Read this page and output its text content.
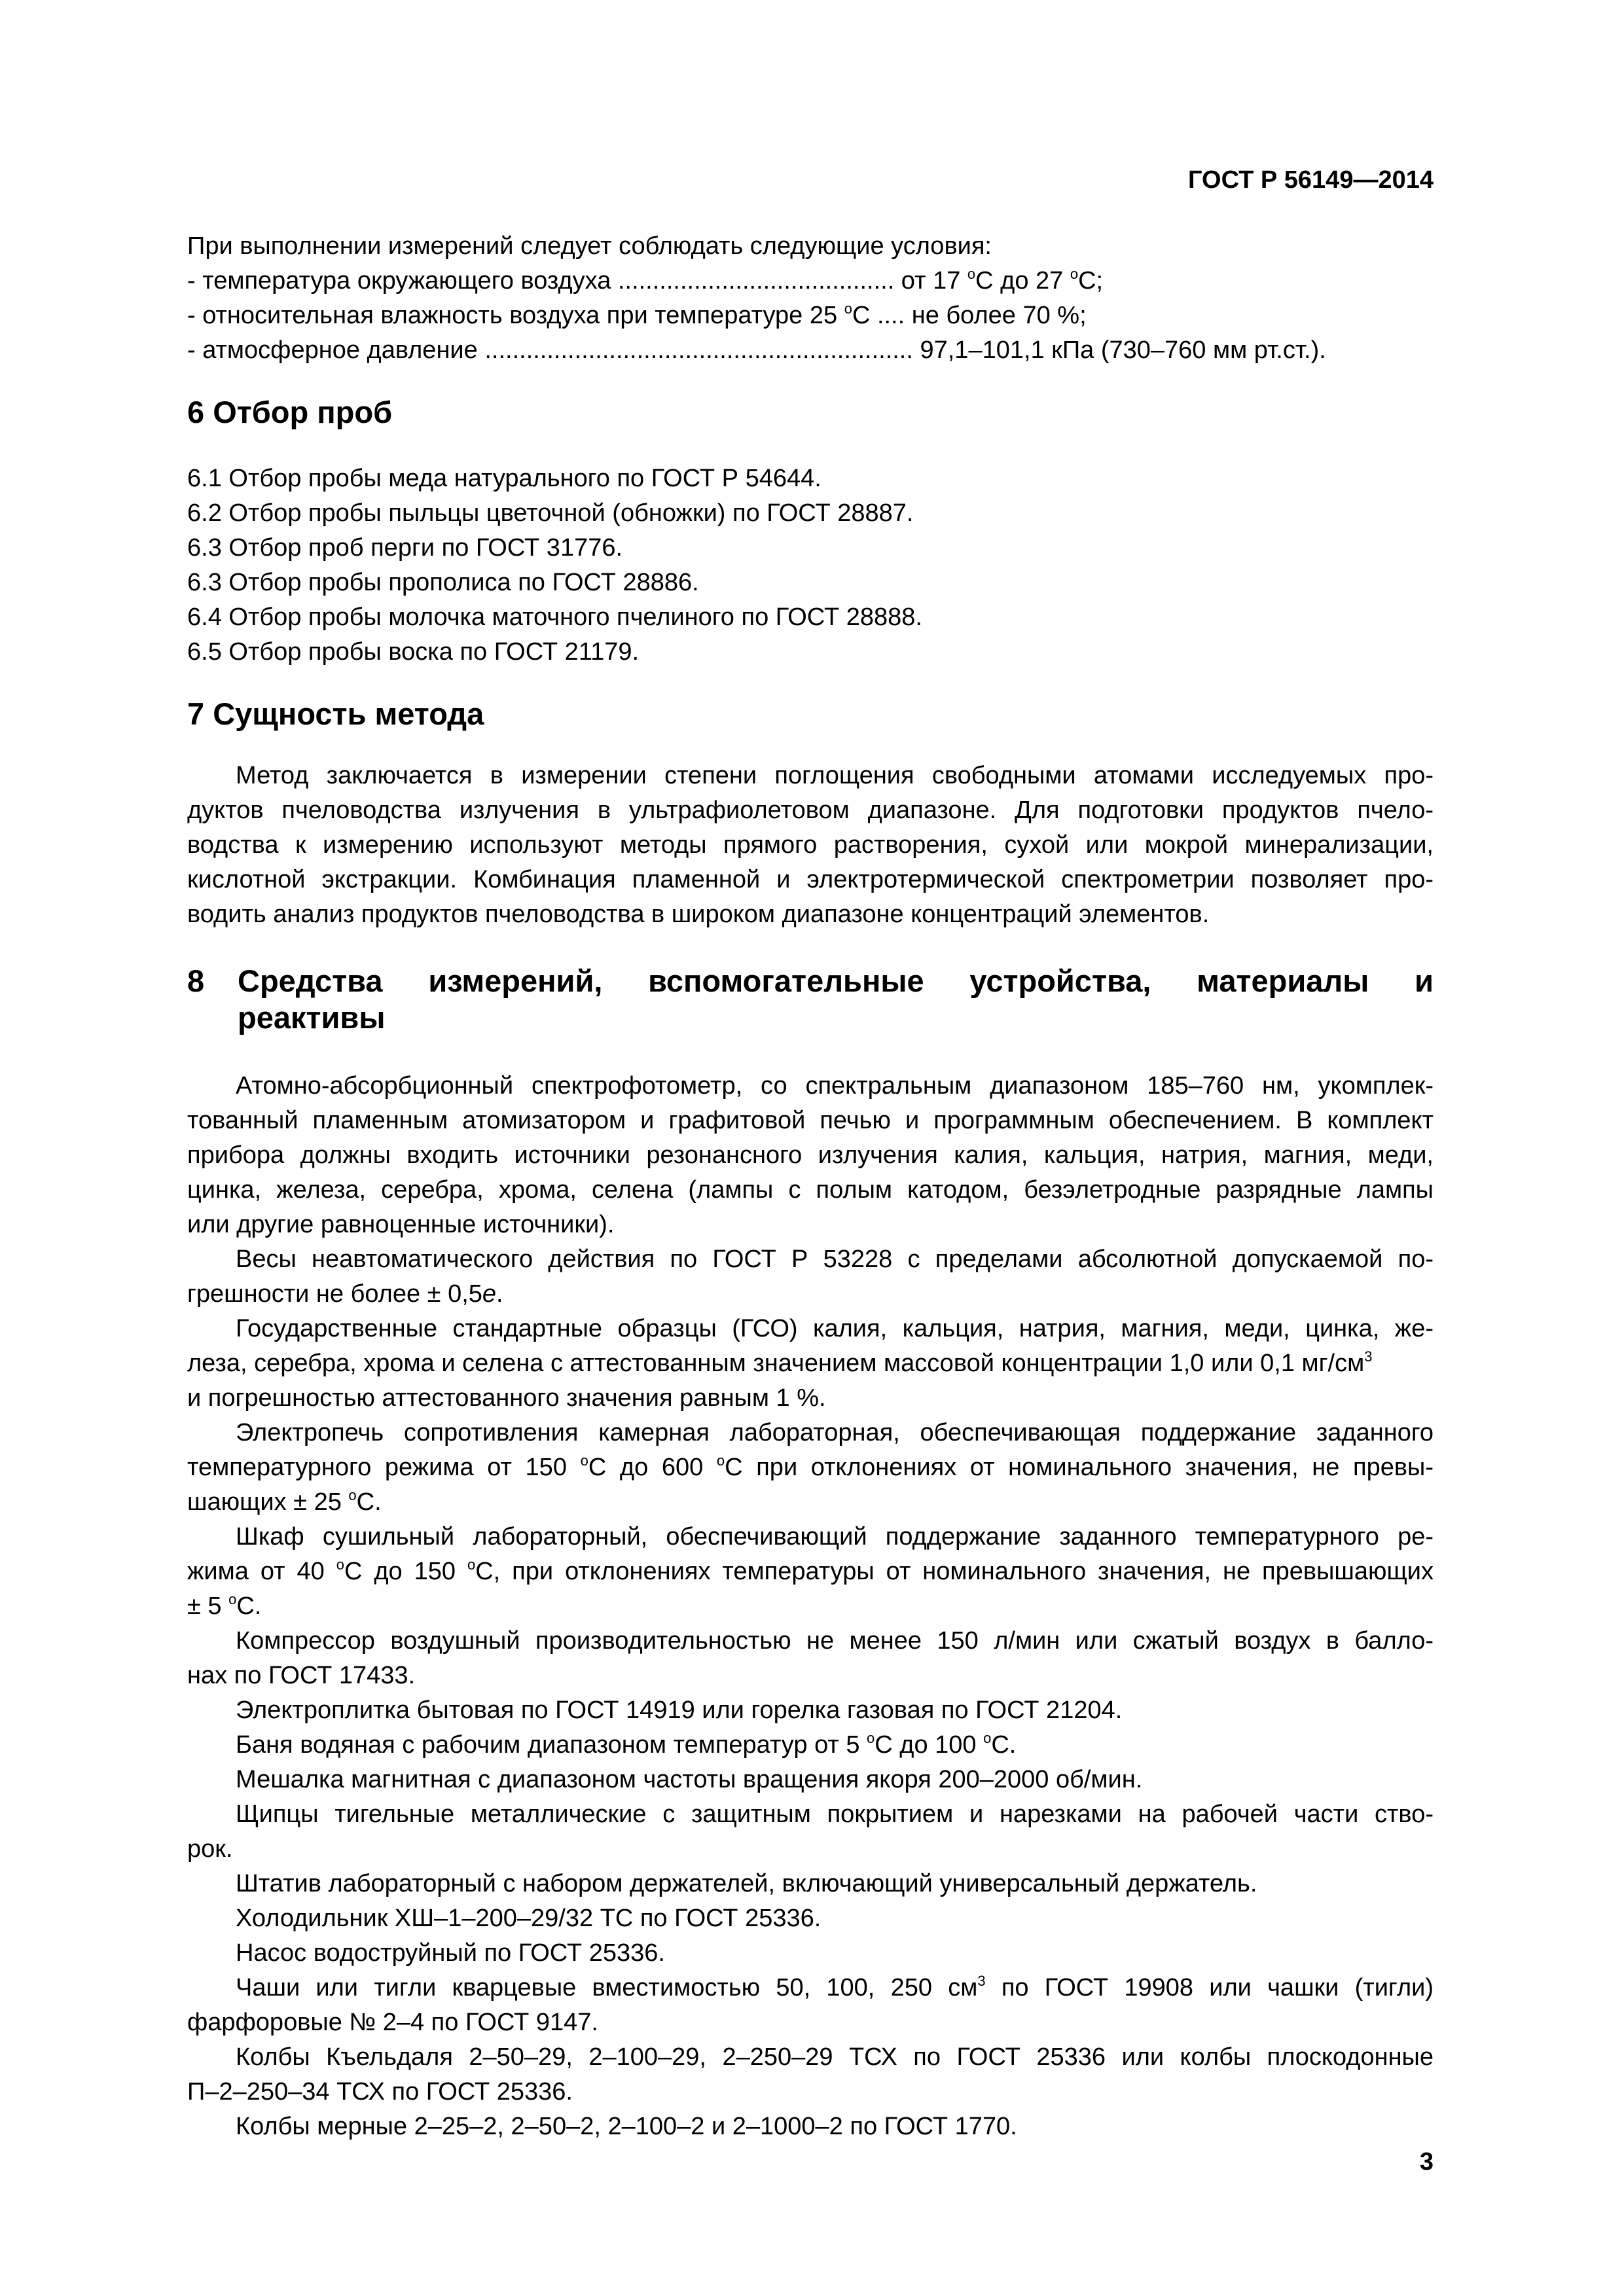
ГОСТ Р 56149—2014

При выполнении измерений следует соблюдать следующие условия:

- температура окружающего воздуха ........................................ от 17 $^о$С до 27 $^о$С;

- относительная влажность воздуха при температуре 25 $^о$С .... не более 70 %;

- атмосферное давление .............................................................. 97,1–101,1 кПа (730–760 мм рт.ст.).

6 Отбор проб

6.1 Отбор пробы меда натурального по ГОСТ Р 54644.

6.2 Отбор пробы пыльцы цветочной (обножки) по ГОСТ 28887.

6.3 Отбор проб перги по ГОСТ 31776.

6.3 Отбор пробы прополиса по ГОСТ 28886.

6.4 Отбор пробы молочка маточного пчелиного по ГОСТ 28888.

6.5 Отбор пробы воска по ГОСТ 21179.

7 Сущность метода
Метод заключается в измерении степени поглощения свободными атомами исследуемых про-
дуктов пчеловодства излучения в ультрафиолетовом диапазоне. Для подготовки продуктов пчело-
водства к измерению используют методы прямого растворения, сухой или мокрой минерализации,
кислотной экстракции. Комбинация пламенной и электротермической спектрометрии позволяет про-
водить анализ продуктов пчеловодства в широком диапазоне концентраций элементов.
8	Средства измерений, вспомогательные устройства, материалы и
реактивы
Атомно-абсорбционный спектрофотометр, со спектральным диапазоном 185–760 нм, укомплек-
тованный пламенным атомизатором и графитовой печью и программным обеспечением. В комплект
прибора должны входить источники резонансного излучения калия, кальция, натрия, магния, меди,
цинка, железа, серебра, хрома, селена (лампы с полым катодом, безэлетродные разрядные лампы
или другие равноценные источники).
Весы неавтоматического действия по ГОСТ Р 53228 с пределами абсолютной допускаемой по-
грешности не более ± 0,5е.
Государственные стандартные образцы (ГСО) калия, кальция, натрия, магния, меди, цинка, же-
леза, серебра, хрома и селена с аттестованным значением массовой концентрации 1,0 или 0,1 $мг/см^3$
и погрешностью аттестованного значения равным 1 %.
Электропечь сопротивления камерная лабораторная, обеспечивающая поддержание заданного
температурного режима от 150 $^о$С до 600 $^о$С при отклонениях от номинального значения, не превы-
шающих ± 25 $^о$С.
Шкаф сушильный лабораторный, обеспечивающий поддержание заданного температурного ре-
жима от 40 $^о$С до 150 $^о$С, при отклонениях температуры от номинального значения, не превышающих
± 5 $^о$С.
Компрессор воздушный производительностью не менее 150 л/мин или сжатый воздух в балло-
нах по ГОСТ 17433.
Электроплитка бытовая по ГОСТ 14919 или горелка газовая по ГОСТ 21204.
Баня водяная с рабочим диапазоном температур от 5 $^о$С до 100 $^о$С.
Мешалка магнитная с диапазоном частоты вращения якоря 200–2000 об/мин.
Щипцы тигельные металлические с защитным покрытием и нарезками на рабочей части ство-
рок.
Штатив лабораторный с набором держателей, включающий универсальный держатель.
Холодильник ХШ–1–200–29/32 ТС по ГОСТ 25336.
Насос водоструйный по ГОСТ 25336.
Чаши или тигли кварцевые вместимостью 50, 100, 250 $см^3$ по ГОСТ 19908 или чашки (тигли)
фарфоровые № 2–4 по ГОСТ 9147.
Колбы Къельдаля 2–50–29, 2–100–29, 2–250–29 ТСХ по ГОСТ 25336 или колбы плоскодонные
П–2–250–34 ТСХ по ГОСТ 25336.
Колбы мерные 2–25–2, 2–50–2, 2–100–2 и 2–1000–2 по ГОСТ 1770.
3
